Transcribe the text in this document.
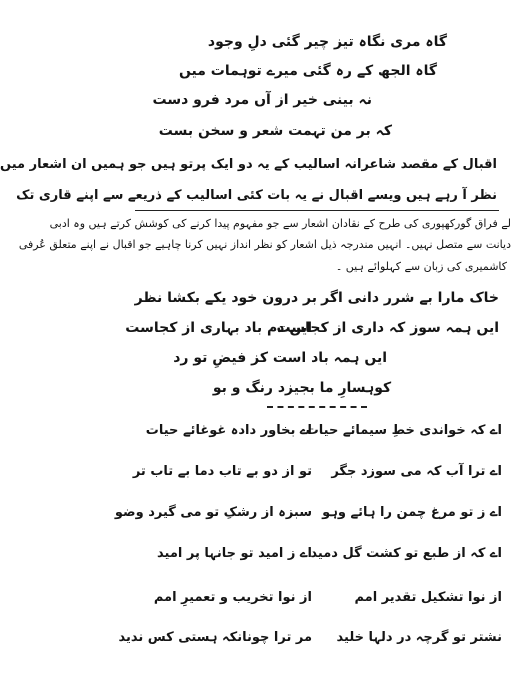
گاہ مری نگاہ تیز چیر گئی دلِ وجود
گاہ الجھ کے رہ گئی میرے توہمات میں
نہ بینی خیر از آں مرد فرو دست
کہ بر من تہمت شعر و سخن بست
اقبال کے مقصد شاعرانہ اسالیب کے یہ دو ایک پرتو ہیں جو ہمیں ان اشعار میں
نظر آ رہے ہیں ویسے اقبال نے یہ بات کئی اسالیب کے ذریعے سے اپنے قاری تک
لے فراق گورکھپوری کی طرح کے نقادان اشعار سے جو مفہوم پیدا کرنے کی کوشش کرتے ہیں وہ ادبی
دیانت سے متصل نہیں۔ انہیں مندرجہ ذیل اشعار کو نظر انداز نہیں کرنا چاہیے جو اقبال نے اپنے متعلق عُرفی
کاشمیری کی زبان سے کہلوائے ہیں ۔
خاک مارا بے شرر دانی اگر
بر درون خود یکے بکشا نظر
ایں ہمہ سوز کہ داری از کجاست
ایں دم باد بہاری از کجاست
ایں ہمہ باد است کز فیضِ تو رد
کوہسارِ ما بجیزد رنگ و بو
اے کہ خواندی خطِ سیمائے حیات
اے بخاور دادہ غوغائے حیات
اے ترا آب کہ می سوزد جگر
تو از دو بے تاب دما بے تاب تر
اے ز تو مرغ چمن را ہائے وہو
سبزہ از رشکِ تو می گیرد وضو
اے کہ از طبع تو کشت گل دمید
اے ز امید تو جانہا پر امید
از نوا تشکیل تقدیر امم
از نوا تخریب و تعمیرِ امم
نشتر تو گرچہ در دلہا خلید
مر ترا چونانکہ ہستی کس ندید
